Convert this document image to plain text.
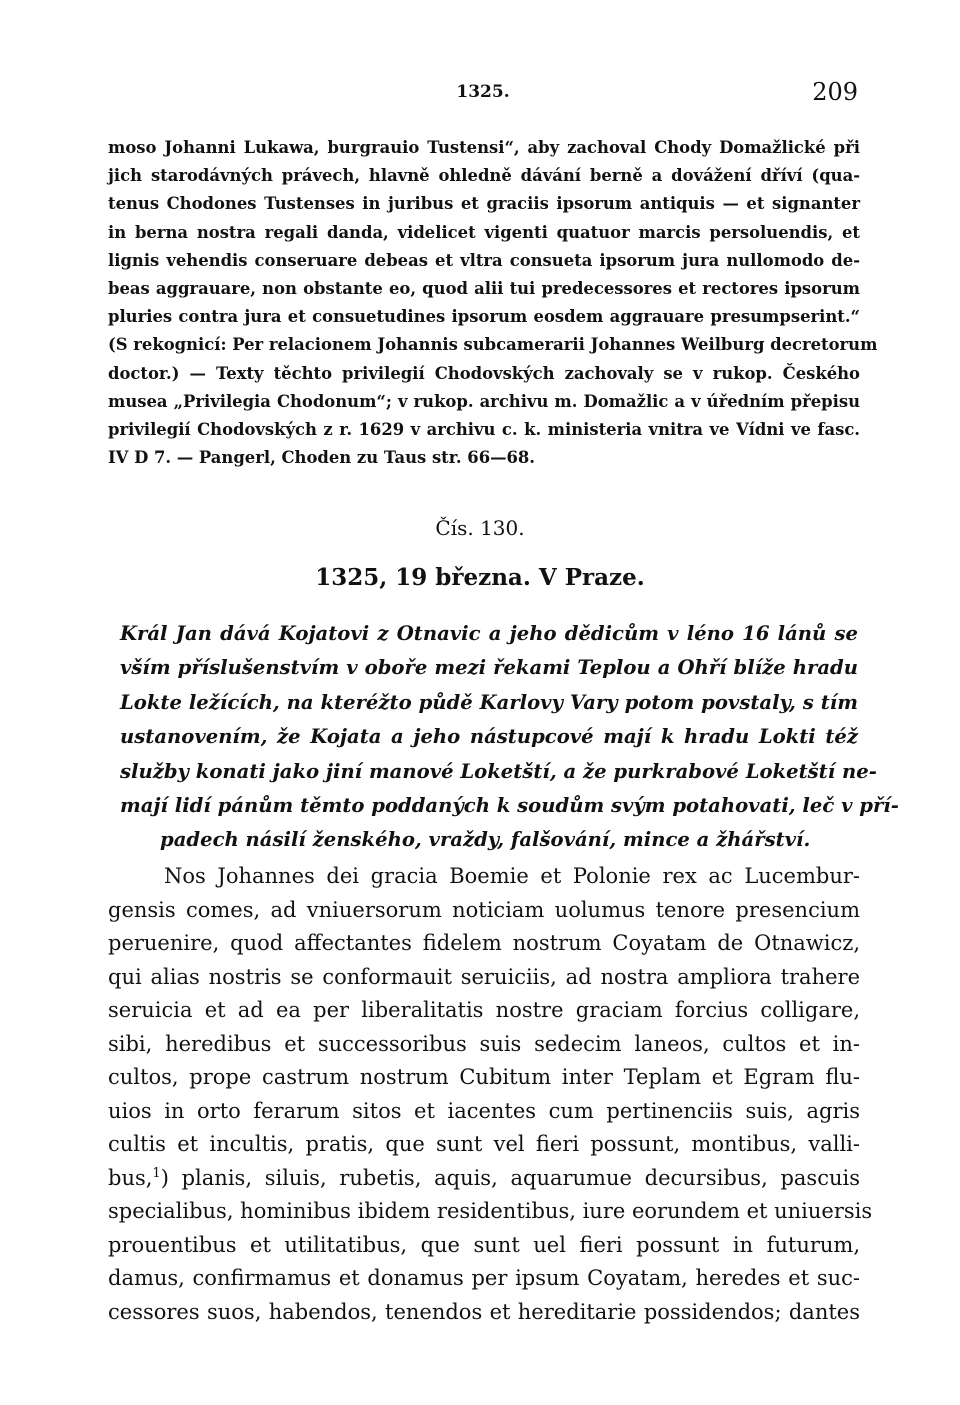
1325.	209
moso Johanni Lukawa, burgrauio Tustensi“, aby zachoval Chody Domažlické při
jich starodávných právech, hlavně ohledně dávání berně a dovážení dříví (qua-
tenus Chodones Tustenses in juribus et graciis ipsorum antiquis — et signanter
in berna nostra regali danda, videlicet vigenti quatuor marcis persoluendis, et
lignis vehendis conseruare debeas et vltra consueta ipsorum jura nullomodo de-
beas aggrauare, non obstante eo, quod alii tui predecessores et rectores ipsorum
pluries contra jura et consuetudines ipsorum eosdem aggrauare presumpserint.“
(S rekognicí: Per relacionem Johannis subcamerarii Johannes Weilburg decretorum
doctor.) — Texty těchto privilegií Chodovských zachovaly se v rukop. Českého
musea „Privilegia Chodonum“; v rukop. archivu m. Domažlic a v úředním přepisu
privilegií Chodovských z r. 1629 v archivu c. k. ministeria vnitra ve Vídni ve fasc.
IV D 7. — Pangerl, Choden zu Taus str. 66—68.
Čís. 130.
1325, 19 března. V Praze.
Král Jan dává Kojatovi z Otnavic a jeho dědicům v léno 16 lánů se
vším příslušenstvím v oboře mezi řekami Teplou a Ohří blíže hradu
Lokte ležících, na kteréžto půdě Karlovy Vary potom povstaly, s tím
ustanovením, že Kojata a jeho nástupcové mají k hradu Lokti též
služby konati jako jiní manové Loketští, a že purkrabové Loketští ne-
mají lidí pánům těmto poddaných k soudům svým potahovati, leč v pří-
padech násilí ženského, vraždy, falšování, mince a žhářství.
Nos Johannes dei gracia Boemie et Polonie rex ac Lucembur-
gensis comes, ad vniuersorum noticiam uolumus tenore presencium
peruenire, quod affectantes fidelem nostrum Coyatam de Otnawicz,
qui alias nostris se conformauit seruiciis, ad nostra ampliora trahere
seruicia et ad ea per liberalitatis nostre graciam forcius colligare,
sibi, heredibus et successoribus suis sedecim laneos, cultos et in-
cultos, prope castrum nostrum Cubitum inter Teplam et Egram flu-
uios in orto ferarum sitos et iacentes cum pertinenciis suis, agris
cultis et incultis, pratis, que sunt vel fieri possunt, montibus, valli-
bus,$^1$) planis, siluis, rubetis, aquis, aquarumue decursibus, pascuis
specialibus, hominibus ibidem residentibus, iure eorundem et uniuersis
prouentibus et utilitatibus, que sunt uel fieri possunt in futurum,
damus, confirmamus et donamus per ipsum Coyatam, heredes et suc-
cessores suos, habendos, tenendos et hereditarie possidendos; dantes
